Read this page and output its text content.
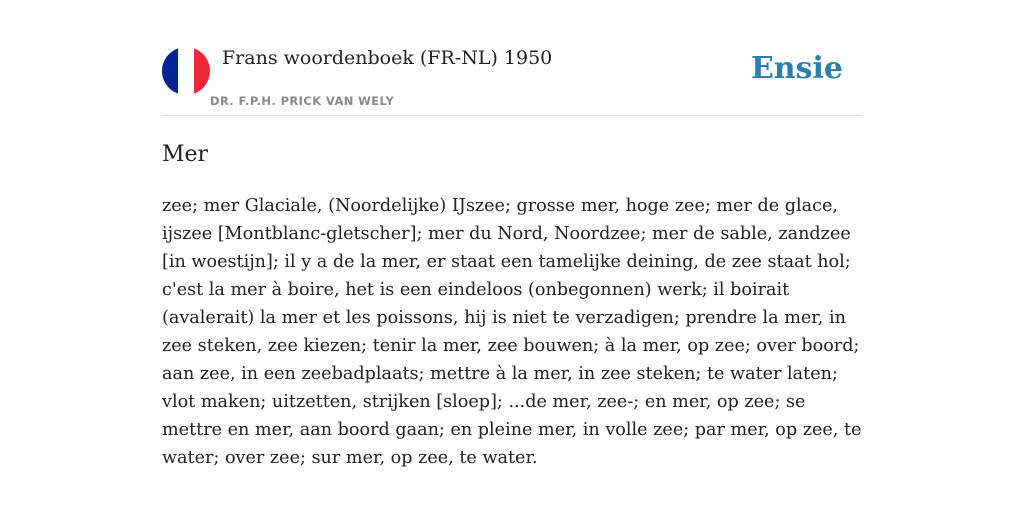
Frans woordenboek (FR-NL) 1950
DR. F.P.H. PRICK VAN WELY
Ensie
Mer

zee; mer Glaciale, (Noordelijke) IJszee; grosse mer, hoge zee; mer de glace, ijszee [Montblanc-gletscher]; mer du Nord, Noordzee; mer de sable, zandzee [in woestijn]; il y a de la mer, er staat een tamelijke deining, de zee staat hol; c'est la mer à boire, het is een eindeloos (onbegonnen) werk; il boirait (avalerait) la mer et les poissons, hij is niet te verzadigen; prendre la mer, in zee steken, zee kiezen; tenir la mer, zee bouwen; à la mer, op zee; over boord; aan zee, in een zeebadplaats; mettre à la mer, in zee steken; te water laten; vlot maken; uitzetten, strijken [sloep]; ...de mer, zee-; en mer, op zee; se mettre en mer, aan boord gaan; en pleine mer, in volle zee; par mer, op zee, te water; over zee; sur mer, op zee, te water.
